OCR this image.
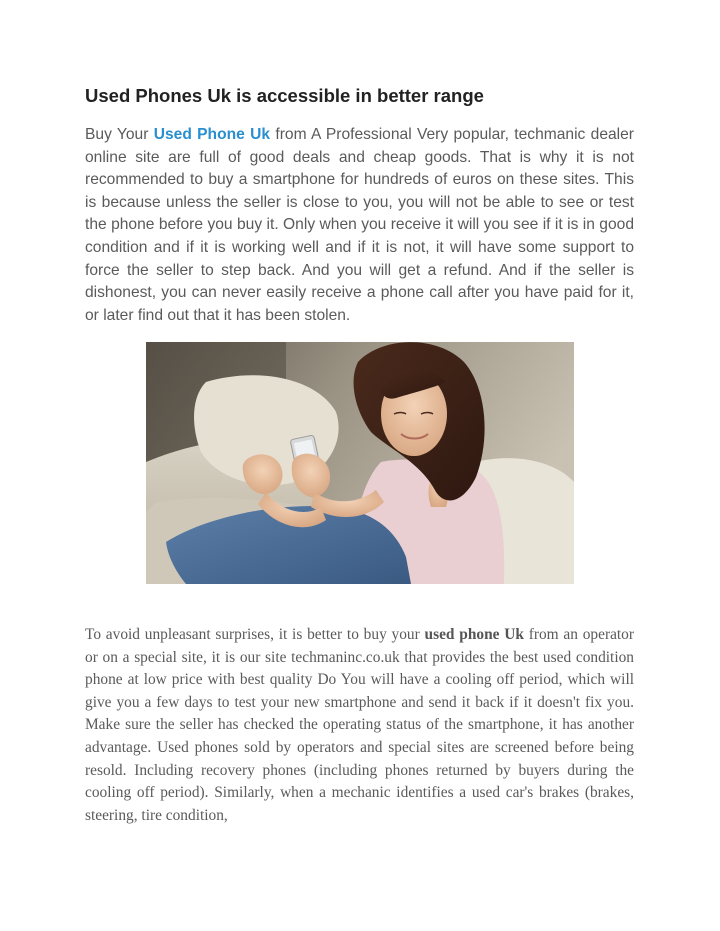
Used Phones Uk is accessible in better range

Buy Your Used Phone Uk from A Professional Very popular, techmanic dealer online site are full of good deals and cheap goods. That is why it is not recommended to buy a smartphone for hundreds of euros on these sites. This is because unless the seller is close to you, you will not be able to see or test the phone before you buy it. Only when you receive it will you see if it is in good condition and if it is working well and if it is not, it will have some support to force the seller to step back. And you will get a refund. And if the seller is dishonest, you can never easily receive a phone call after you have paid for it, or later find out that it has been stolen.

To avoid unpleasant surprises, it is better to buy your used phone Uk from an operator or on a special site, it is our site techmaninc.co.uk that provides the best used condition phone at low price with best quality Do You will have a cooling off period, which will give you a few days to test your new smartphone and send it back if it doesn't fix you. Make sure the seller has checked the operating status of the smartphone, it has another advantage. Used phones sold by operators and special sites are screened before being resold. Including recovery phones (including phones returned by buyers during the cooling off period). Similarly, when a mechanic identifies a used car's brakes (brakes, steering, tire condition,
